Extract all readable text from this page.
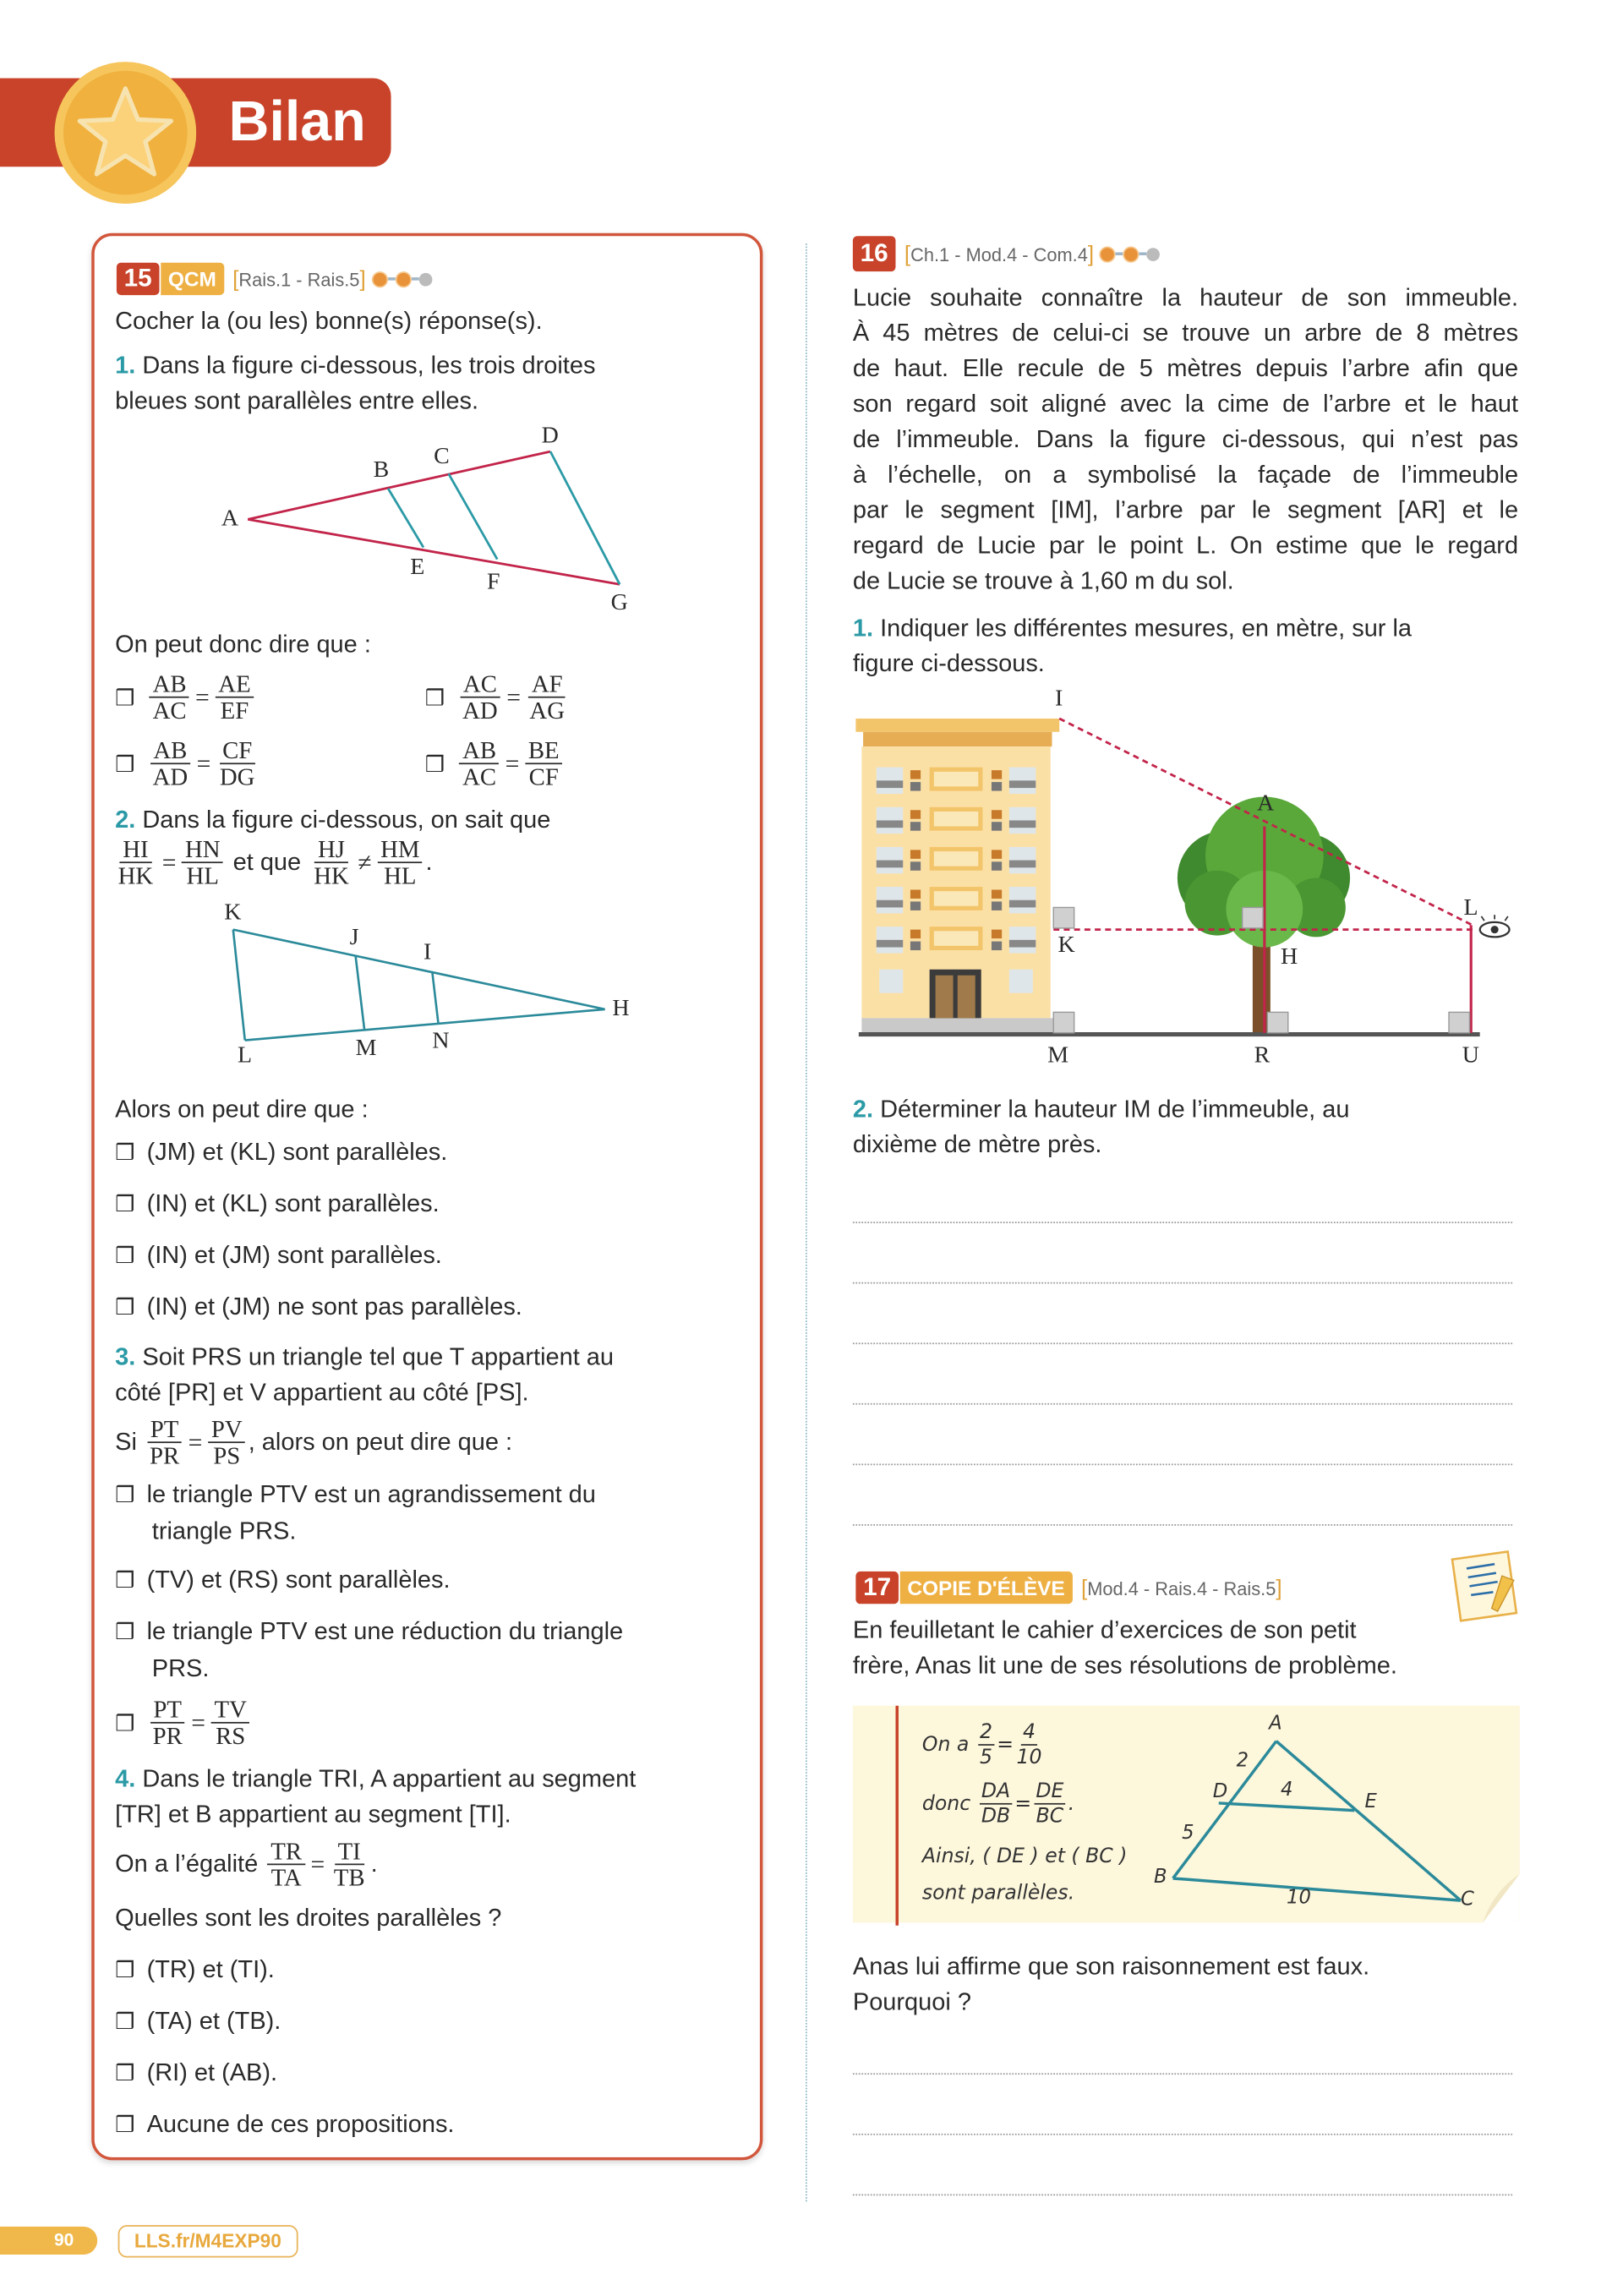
Bilan
15	QCM	[Rais.1 - Rais.5]
Cocher la (ou les) bonne(s) réponse(s).
1. Dans la figure ci-dessous, les trois droites
bleues sont parallèles entre elles.
A
B
C
D
E
F
G
On peut donc dire que :
❒ $\frac{AB}{AC} = \frac{AE}{EF}$	❒ $\frac{AC}{AD} = \frac{AF}{AG}$
❒ $\frac{AB}{AD} = \frac{CF}{DG}$	❒ $\frac{AB}{AC} = \frac{BE}{CF}$
2. Dans la figure ci-dessous, on sait que
$\frac{HI}{HK} = \frac{HN}{HL}$ et que $\frac{HJ}{HK} \ne \frac{HM}{HL}$ .
K
J
I
H
L	M	N
Alors on peut dire que :
❒ (JM) et (KL) sont parallèles.
❒ (IN) et (KL) sont parallèles.
❒ (IN) et (JM) sont parallèles.
❒ (IN) et (JM) ne sont pas parallèles.
3. Soit PRS un triangle tel que T appartient au
côté [PR] et V appartient au côté [PS].
Si $\frac{PT}{PR} = \frac{PV}{PS}$ , alors on peut dire que :
❒ le triangle PTV est un agrandissement du
triangle PRS.
❒ (TV) et (RS) sont parallèles.
❒ le triangle PTV est une réduction du triangle
PRS.
❒ $\frac{PT}{PR} = \frac{TV}{RS}$
4. Dans le triangle TRI, A appartient au segment
[TR] et B appartient au segment [TI].
On a l’égalité $\frac{TR}{TA} = \frac{TI}{TB}$ .
Quelles sont les droites parallèles ?
❒ (TR) et (TI).
❒ (TA) et (TB).
❒ (RI) et (AB).
❒ Aucune de ces propositions.
16	[Ch.1 - Mod.4 - Com.4]
Lucie souhaite connaître la hauteur de son immeuble.
À 45 mètres de celui-ci se trouve un arbre de 8 mètres
de haut. Elle recule de 5 mètres depuis l’arbre afin que
son regard soit aligné avec la cime de l’arbre et le haut
de l’immeuble. Dans la figure ci-dessous, qui n’est pas
à l’échelle, on a symbolisé la façade de l’immeuble
par le segment [IM], l’arbre par le segment [AR] et le
regard de Lucie par le point L. On estime que le regard
de Lucie se trouve à 1,60 m du sol.
1. Indiquer les différentes mesures, en mètre, sur la
figure ci-dessous.
I
A
L
K	H
M	R	U
2. Déterminer la hauteur IM de l’immeuble, au
dixième de mètre près.
17	COPIE D'ÉLÈVE	[Mod.4 - Rais.4 - Rais.5]
En feuilletant le cahier d’exercices de son petit
frère, Anas lit une de ses résolutions de problème.
On a $\frac{2}{5} = \frac{4}{10}$
donc $\frac{DA}{DB} = \frac{DE}{BC}$ .
Ainsi, ( DE ) et ( BC )
sont parallèles.
A
2
D	4
E
5
B
10	C
Anas lui affirme que son raisonnement est faux.
Pourquoi ?
90	LLS.fr/M4EXP90
